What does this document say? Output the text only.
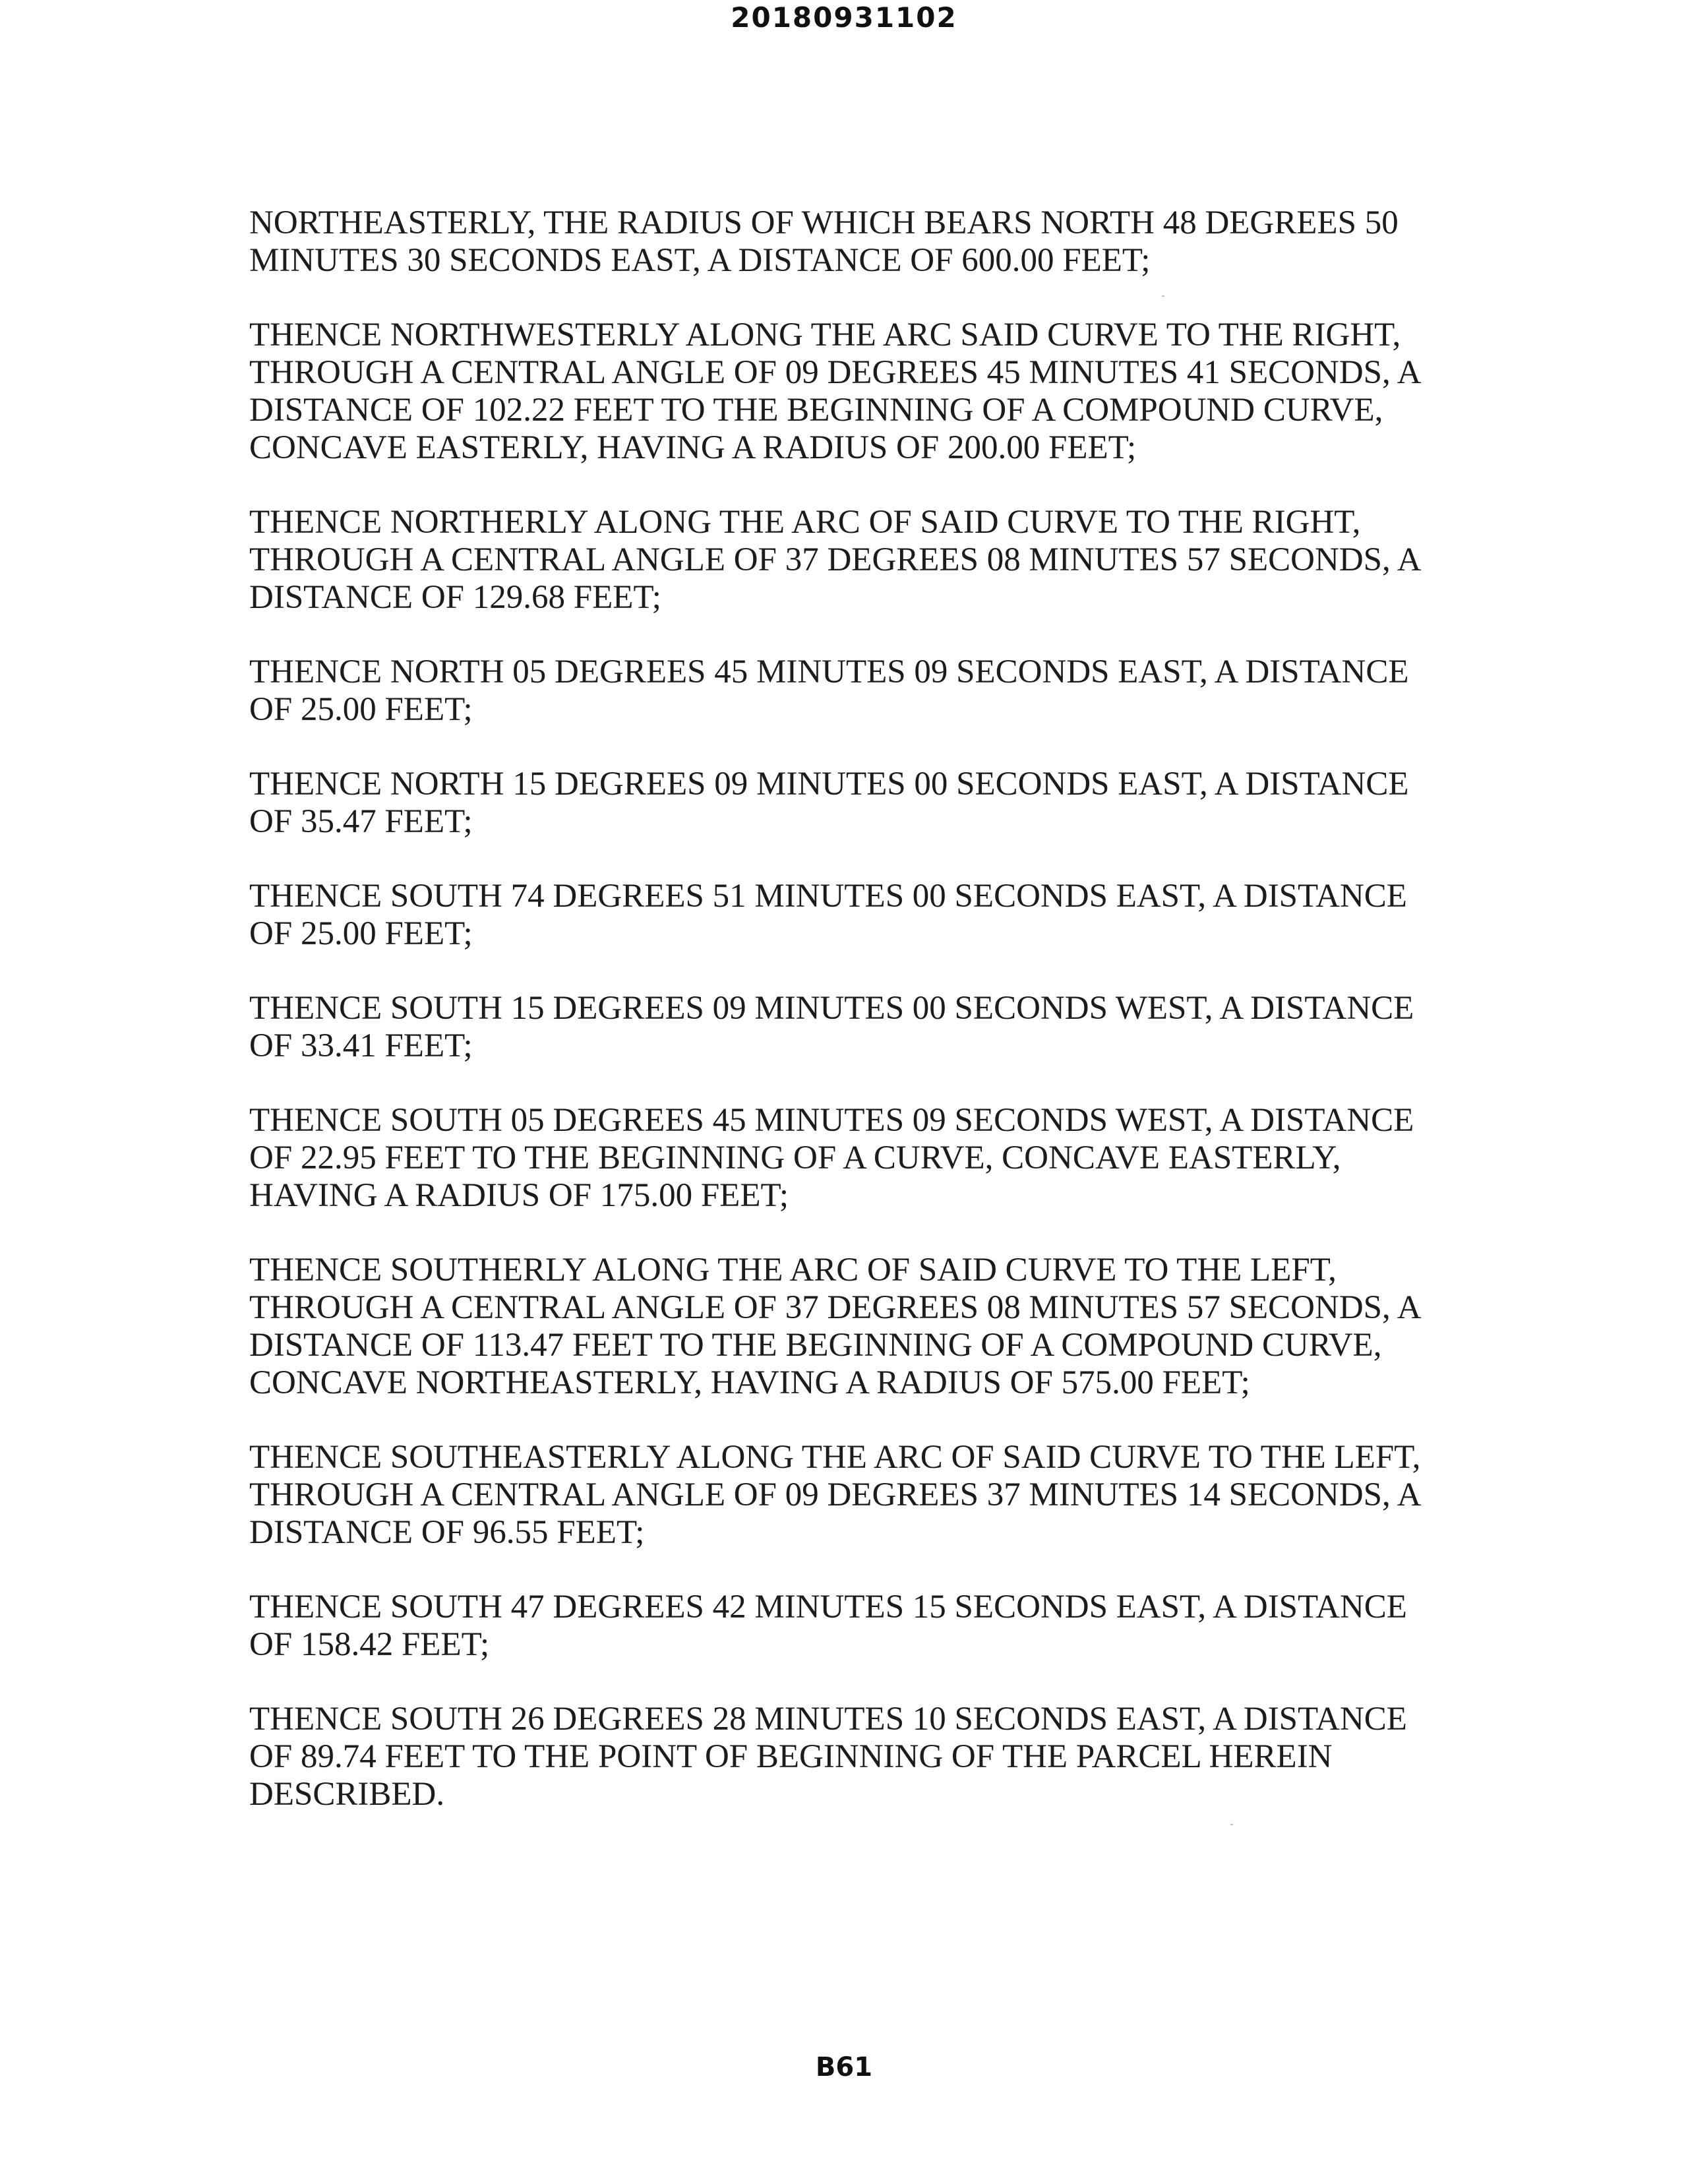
20180931102

NORTHEASTERLY, THE RADIUS OF WHICH BEARS NORTH 48 DEGREES 50
MINUTES 30 SECONDS EAST, A DISTANCE OF 600.00 FEET;

THENCE NORTHWESTERLY ALONG THE ARC SAID CURVE TO THE RIGHT,
THROUGH A CENTRAL ANGLE OF 09 DEGREES 45 MINUTES 41 SECONDS, A
DISTANCE OF 102.22 FEET TO THE BEGINNING OF A COMPOUND CURVE,
CONCAVE EASTERLY, HAVING A RADIUS OF 200.00 FEET;

THENCE NORTHERLY ALONG THE ARC OF SAID CURVE TO THE RIGHT,
THROUGH A CENTRAL ANGLE OF 37 DEGREES 08 MINUTES 57 SECONDS, A
DISTANCE OF 129.68 FEET;

THENCE NORTH 05 DEGREES 45 MINUTES 09 SECONDS EAST, A DISTANCE
OF 25.00 FEET;

THENCE NORTH 15 DEGREES 09 MINUTES 00 SECONDS EAST, A DISTANCE
OF 35.47 FEET;

THENCE SOUTH 74 DEGREES 51 MINUTES 00 SECONDS EAST, A DISTANCE
OF 25.00 FEET;

THENCE SOUTH 15 DEGREES 09 MINUTES 00 SECONDS WEST, A DISTANCE
OF 33.41 FEET;

THENCE SOUTH 05 DEGREES 45 MINUTES 09 SECONDS WEST, A DISTANCE
OF 22.95 FEET TO THE BEGINNING OF A CURVE, CONCAVE EASTERLY,
HAVING A RADIUS OF 175.00 FEET;

THENCE SOUTHERLY ALONG THE ARC OF SAID CURVE TO THE LEFT,
THROUGH A CENTRAL ANGLE OF 37 DEGREES 08 MINUTES 57 SECONDS, A
DISTANCE OF 113.47 FEET TO THE BEGINNING OF A COMPOUND CURVE,
CONCAVE NORTHEASTERLY, HAVING A RADIUS OF 575.00 FEET;

THENCE SOUTHEASTERLY ALONG THE ARC OF SAID CURVE TO THE LEFT,
THROUGH A CENTRAL ANGLE OF 09 DEGREES 37 MINUTES 14 SECONDS, A
DISTANCE OF 96.55 FEET;

THENCE SOUTH 47 DEGREES 42 MINUTES 15 SECONDS EAST, A DISTANCE
OF 158.42 FEET;

THENCE SOUTH 26 DEGREES 28 MINUTES 10 SECONDS EAST, A DISTANCE
OF 89.74 FEET TO THE POINT OF BEGINNING OF THE PARCEL HEREIN
DESCRIBED.

B61
